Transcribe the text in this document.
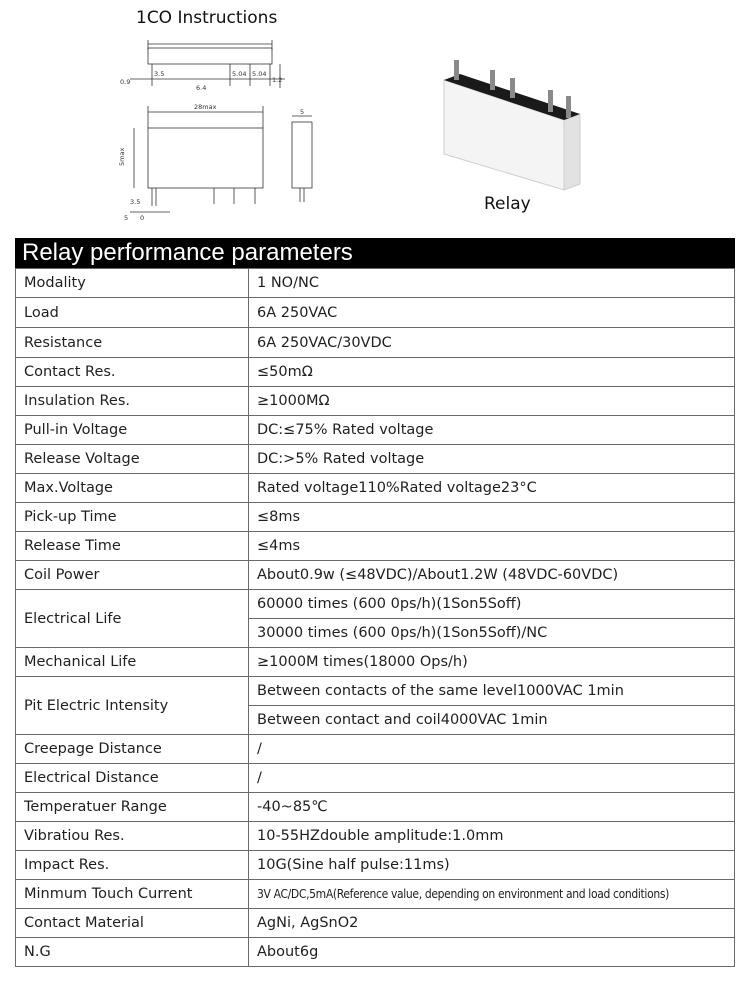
1CO Instructions
0.9
3.5	5.04 5.04
6.4
1.2
28max
5max
3.5
5 0
5
Relay
Relay performance parameters
Modality	1 NO/NC
Load	6A 250VAC
Resistance	6A 250VAC/30VDC
Contact Res.	≤50mΩ
Insulation Res.	≥1000MΩ
Pull-in Voltage	DC:≤75% Rated voltage
Release Voltage	DC:>5% Rated voltage
Max.Voltage	Rated voltage110%Rated voltage23°C
Pick-up Time	≤8ms
Release Time	≤4ms
Coil Power	About0.9w (≤48VDC)/About1.2W (48VDC-60VDC)
Electrical Life	60000 times (600 0ps/h)(1Son5Soff)
	30000 times (600 0ps/h)(1Son5Soff)/NC
Mechanical Life	≥1000M times(18000 Ops/h)
Pit Electric Intensity	Between contacts of the same level1000VAC 1min
	Between contact and coil4000VAC 1min
Creepage Distance	/
Electrical Distance	/
Temperatuer Range	-40~85℃
Vibratiou Res.	10-55HZdouble amplitude:1.0mm
Impact Res.	10G(Sine half pulse:11ms)
Minmum Touch Current	3V AC/DC,5mA(Reference value, depending on environment and load conditions)
Contact Material	AgNi, AgSnO2
N.G	About6g
